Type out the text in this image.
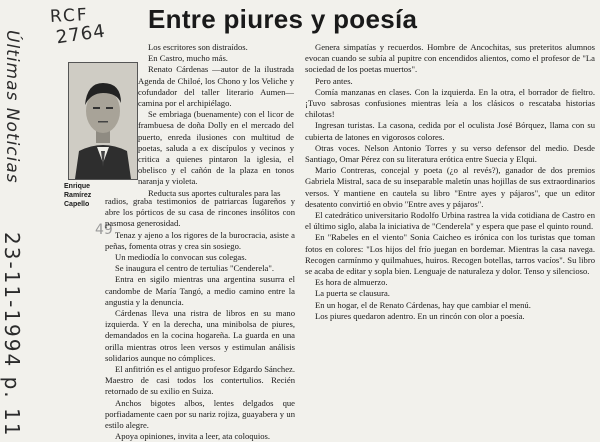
RCF
2764
Últimas Noticias
23-11-1994 p. 11
49
Entre piures y poesía
Enrique Ramírez Capello

Los escritores son distraídos.

En Castro, mucho más.

Renato Cárdenas —autor de la ilustrada Agenda de Chiloé, los Chono y los Veliche y cofundador del taller literario Aumen— camina por el archipiélago.

Se embriaga (buenamente) con el licor de frambuesa de doña Dolly en el mercado del puerto, enreda ilusiones con multitud de poetas, saluda a ex discípulos y vecinos y critica a quienes pintaron la iglesia, el obelisco y el cañón de la plaza en tonos naranja y violeta.

Reducta sus aportes culturales para las

radios, graba testimonios de patriarcas lugareños y abre los pórticos de su casa de rincones insólitos con pasmosa generosidad.

Tenaz y ajeno a los rigores de la burocracia, asiste a peñas, fomenta otras y crea sin sosiego.

Un mediodía lo convocan sus colegas.

Se inaugura el centro de tertulias "Cenderela".

Entra en sigilo mientras una argentina susurra el candombe de María Tangó, a medio camino entre la angustia y la denuncia.

Cárdenas lleva una ristra de libros en su mano izquierda. Y en la derecha, una minibolsa de piures, demandados en la cocina hogareña. La guarda en una orilla mientras otros leen versos y estimulan análisis solidarios aunque no cómplices.

El anfitrión es el antiguo profesor Edgardo Sánchez. Maestro de casi todos los contertulios. Recién retornado de su exilio en Suiza.

Anchos bigotes albos, lentes delgados que porfiadamente caen por su nariz rojiza, guayabera y un estilo alegre.

Apoya opiniones, invita a leer, ata coloquios.

Genera simpatías y recuerdos. Hombre de Ancochitas, sus preteritos alumnos evocan cuando se subía al pupitre con encendidos alientos, como el profesor de "La sociedad de los poetas muertos".

Pero antes.

Comía manzanas en clases. Con la izquierda. En la otra, el borrador de fieltro. ¡Tuvo sabrosas confusiones mientras leía a los clásicos o rescataba historias chilotas!

Ingresan turistas. La casona, cedida por el oculista José Bórquez, llama con su cubierta de latones en vigorosos colores.

Otras voces. Nelson Antonio Torres y su verso defensor del medio. Desde Santiago, Omar Pérez con su literatura erótica entre Suecia y Elqui.

Mario Contreras, concejal y poeta (¿o al revés?), ganador de dos premios Gabriela Mistral, saca de su inseparable maletín unas hojillas de sus extraordinarios versos. Y mantiene en cautela su libro "Entre ayes y pájaros", que un editor desatento convirtió en obvio "Entre aves y pájaros".

El catedrático universitario Rodolfo Urbina rastrea la vida cotidiana de Castro en el último siglo, alaba la iniciativa de "Cenderela" y espera que pase el quinto round.

En "Rabeles en el viento" Sonia Caicheo es irónica con los turistas que toman fotos en colores: "Los hijos del frío juegan en bordemar. Mientras la casa navega. Recogen carmínmo y quilmahues, huiros. Recogen botellas, tarros vacíos". Su libro se acaba de editar y sopla bien. Lenguaje de naturaleza y dolor. Tenso y silencioso.

Es hora de almuerzo.

La puerta se clausura.

En un hogar, el de Renato Cárdenas, hay que cambiar el menú.

Los piures quedaron adentro. En un rincón con olor a poesía.
